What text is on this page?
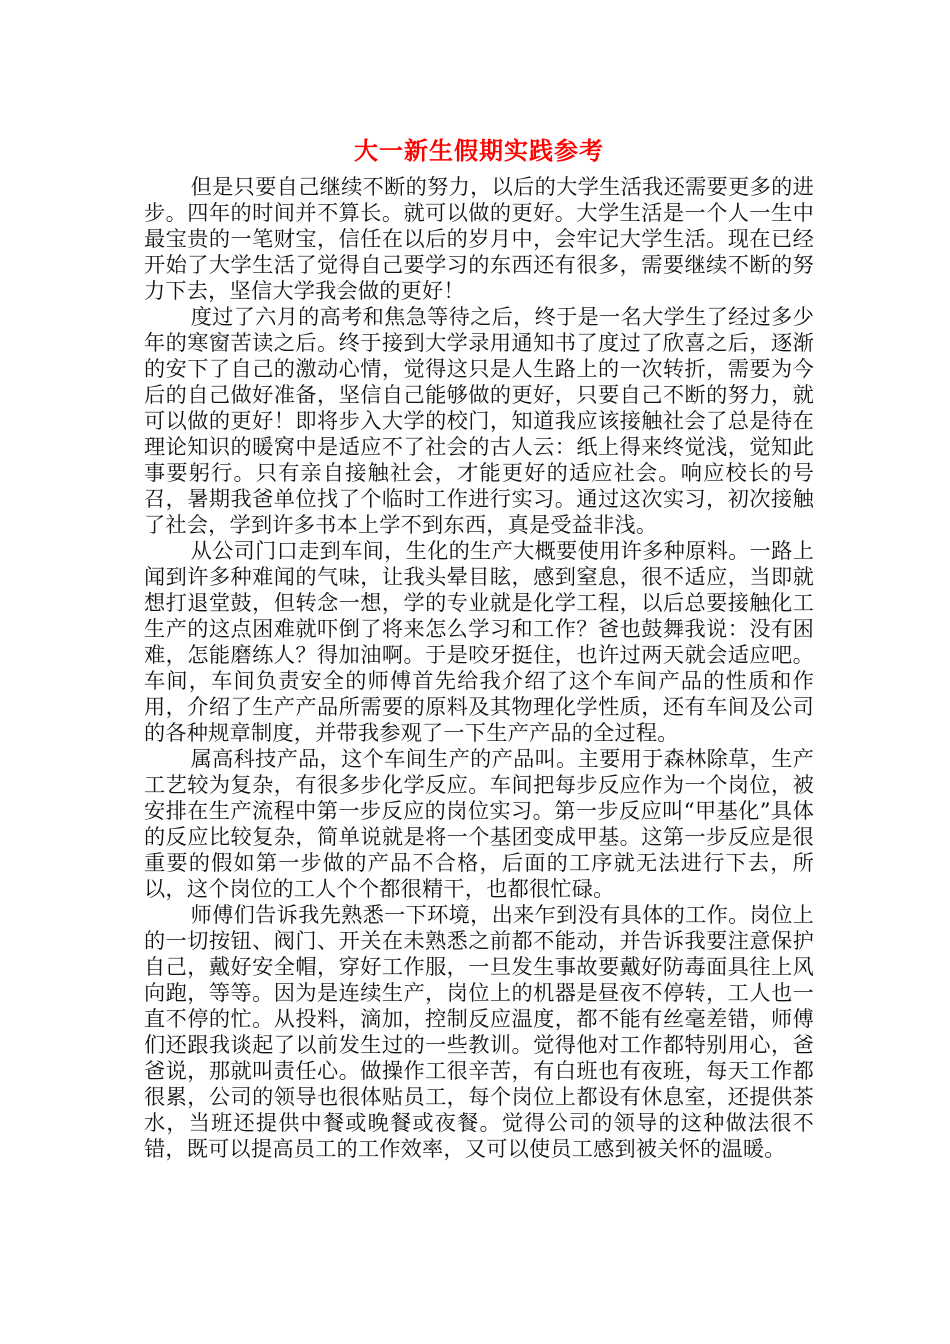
大一新生假期实践参考

但是只要自己继续不断的努力，以后的大学生活我还需要更多的进步。四年的时间并不算长。就可以做的更好。大学生活是一个人一生中最宝贵的一笔财宝，信任在以后的岁月中，会牢记大学生活。现在已经开始了大学生活了觉得自己要学习的东西还有很多，需要继续不断的努力下去，坚信大学我会做的更好！

度过了六月的高考和焦急等待之后，终于是一名大学生了经过多少年的寒窗苦读之后。终于接到大学录用通知书了度过了欣喜之后，逐渐的安下了自己的激动心情，觉得这只是人生路上的一次转折，需要为今后的自己做好准备，坚信自己能够做的更好，只要自己不断的努力，就可以做的更好！即将步入大学的校门，知道我应该接触社会了总是待在理论知识的暖窝中是适应不了社会的古人云：纸上得来终觉浅，觉知此事要躬行。只有亲自接触社会，才能更好的适应社会。响应校长的号召，暑期我爸单位找了个临时工作进行实习。通过这次实习，初次接触了社会，学到许多书本上学不到东西，真是受益非浅。

从公司门口走到车间，生化的生产大概要使用许多种原料。一路上闻到许多种难闻的气味，让我头晕目眩，感到窒息，很不适应，当即就想打退堂鼓，但转念一想，学的专业就是化学工程，以后总要接触化工生产的这点困难就吓倒了将来怎么学习和工作？爸也鼓舞我说：没有困难，怎能磨练人？得加油啊。于是咬牙挺住，也许过两天就会适应吧。车间，车间负责安全的师傅首先给我介绍了这个车间产品的性质和作用，介绍了生产产品所需要的原料及其物理化学性质，还有车间及公司的各种规章制度，并带我参观了一下生产产品的全过程。

属高科技产品，这个车间生产的产品叫。主要用于森林除草，生产工艺较为复杂，有很多步化学反应。车间把每步反应作为一个岗位，被安排在生产流程中第一步反应的岗位实习。第一步反应叫“甲基化”具体的反应比较复杂，简单说就是将一个基团变成甲基。这第一步反应是很重要的假如第一步做的产品不合格，后面的工序就无法进行下去，所以，这个岗位的工人个个都很精干，也都很忙碌。

师傅们告诉我先熟悉一下环境，出来乍到没有具体的工作。岗位上的一切按钮、阀门、开关在未熟悉之前都不能动，并告诉我要注意保护自己，戴好安全帽，穿好工作服，一旦发生事故要戴好防毒面具往上风向跑，等等。因为是连续生产，岗位上的机器是昼夜不停转，工人也一直不停的忙。从投料，滴加，控制反应温度，都不能有丝毫差错，师傅们还跟我谈起了以前发生过的一些教训。觉得他对工作都特别用心，爸爸说，那就叫责任心。做操作工很辛苦，有白班也有夜班，每天工作都很累，公司的领导也很体贴员工，每个岗位上都设有休息室，还提供茶水，当班还提供中餐或晚餐或夜餐。觉得公司的领导的这种做法很不错，既可以提高员工的工作效率，又可以使员工感到被关怀的温暖。
